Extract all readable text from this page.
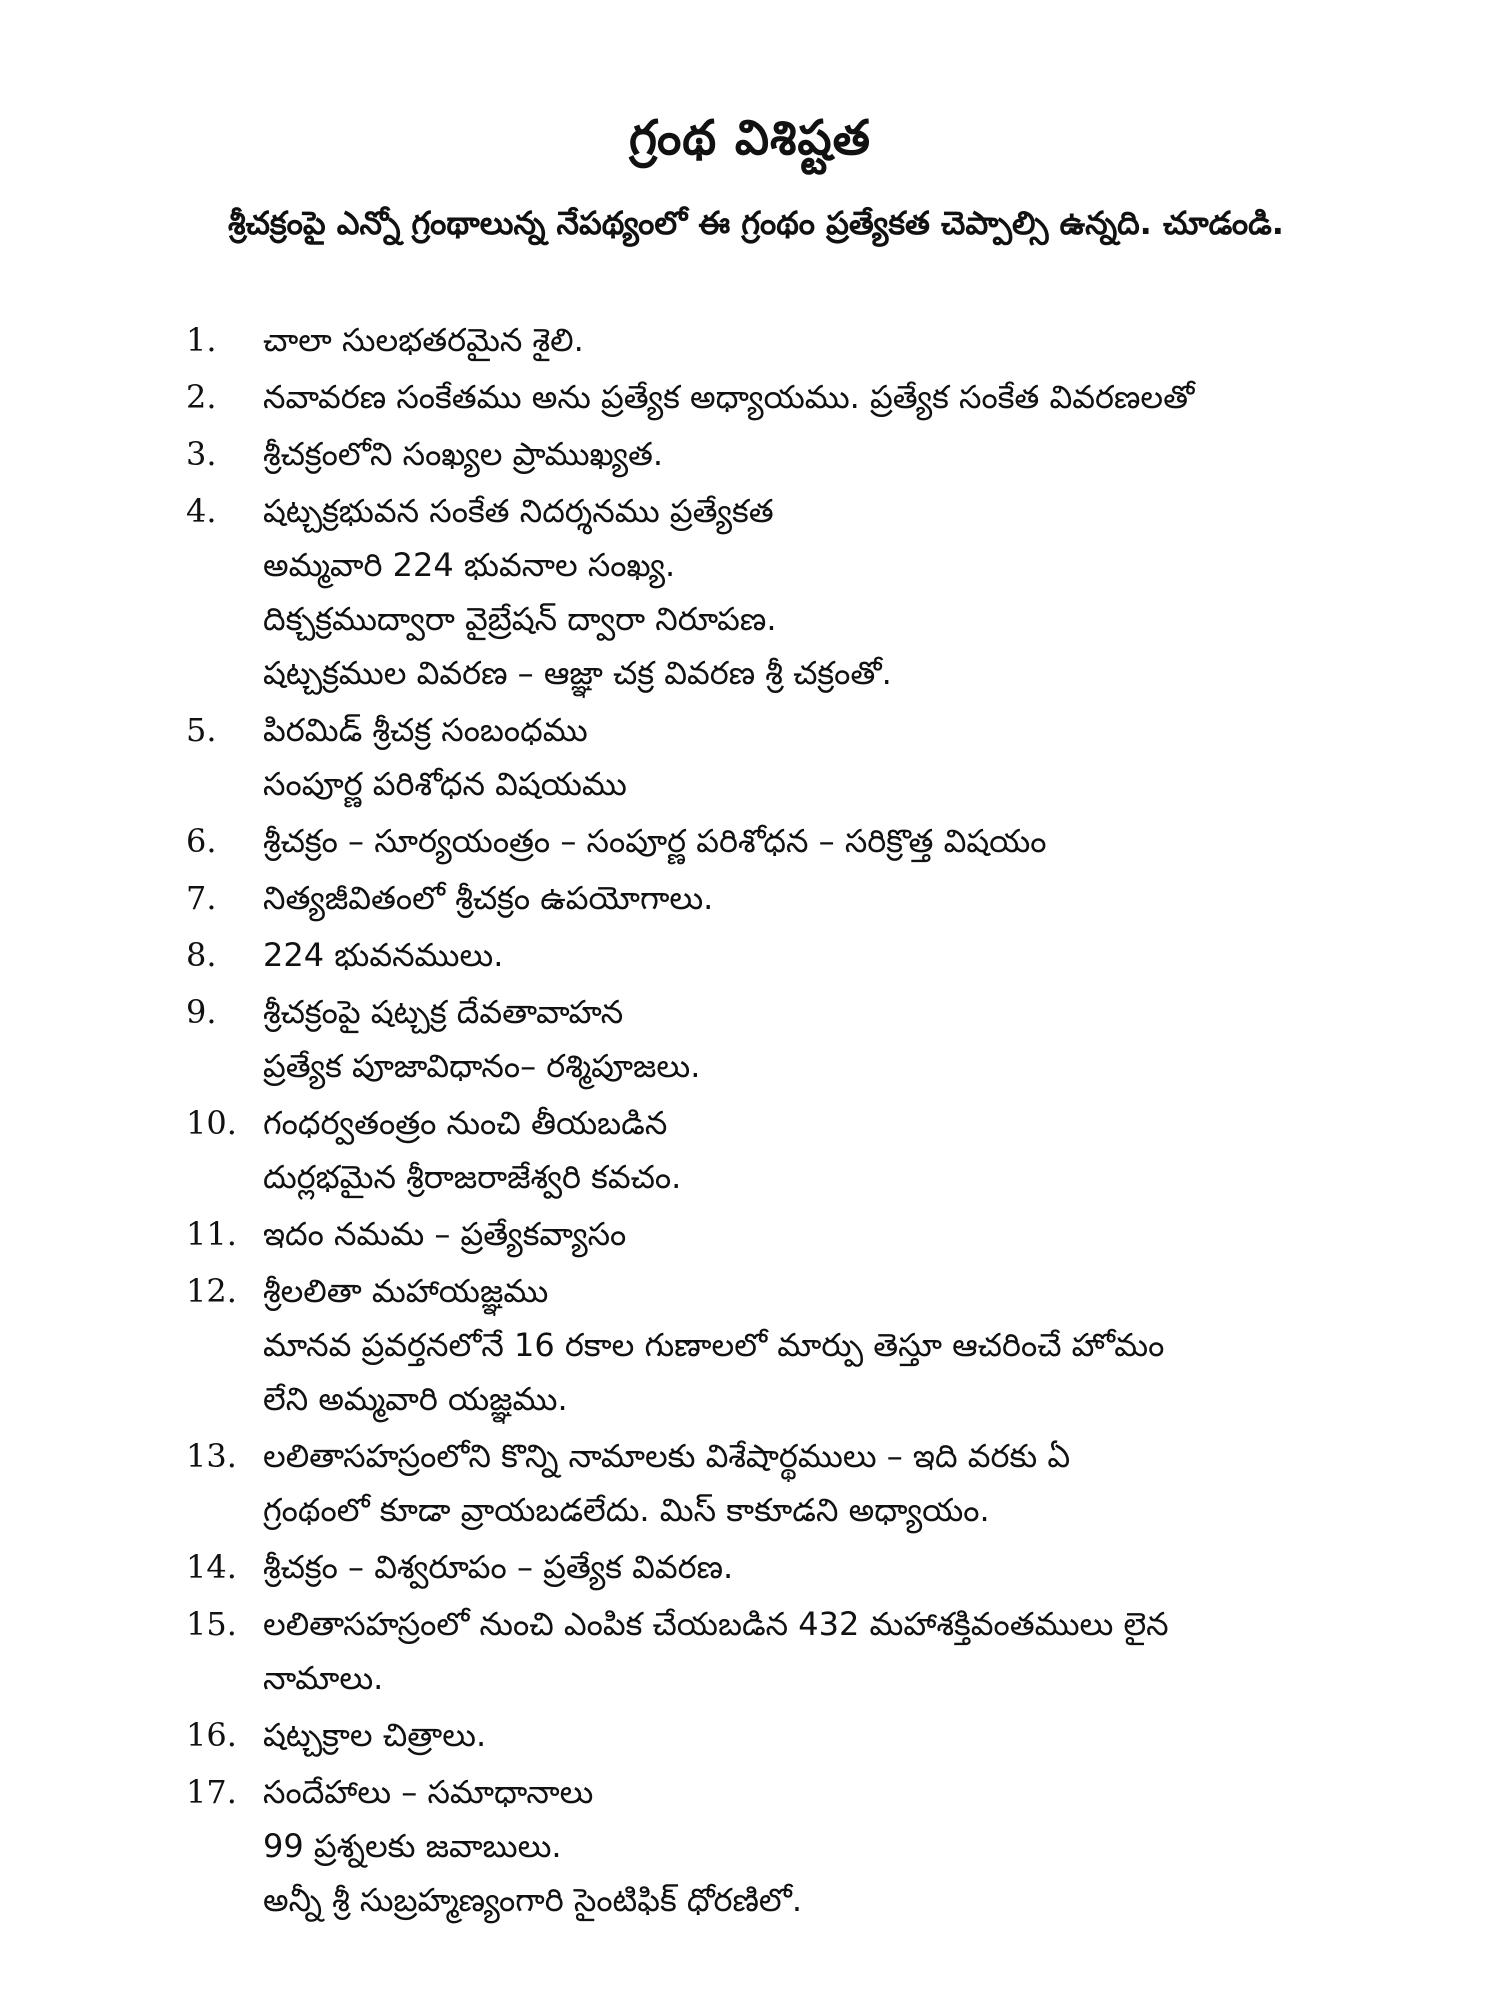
గ్రంథ విశిష్టత
శ్రీచక్రంపై ఎన్నో గ్రంథాలున్న నేపథ్యంలో ఈ గ్రంథం ప్రత్యేకత చెప్పాల్సి ఉన్నది. చూడండి.
1.	చాలా సులభతరమైన శైలి.
2.	నవావరణ సంకేతము అను ప్రత్యేక అధ్యాయము. ప్రత్యేక సంకేత వివరణలతో
3.	శ్రీచక్రంలోని సంఖ్యల ప్రాముఖ్యత.
4.	షట్చక్రభువన సంకేత నిదర్శనము ప్రత్యేకత
అమ్మవారి 224 భువనాల సంఖ్య.
దిక్చక్రముద్వారా వైబ్రేషన్ ద్వారా నిరూపణ.
షట్చక్రముల వివరణ – ఆజ్ఞా చక్ర వివరణ శ్రీ చక్రంతో.
5.	పిరమిడ్ శ్రీచక్ర సంబంధము
సంపూర్ణ పరిశోధన విషయము
6.	శ్రీచక్రం – సూర్యయంత్రం – సంపూర్ణ పరిశోధన – సరిక్రొత్త విషయం
7.	నిత్యజీవితంలో శ్రీచక్రం ఉపయోగాలు.
8.	224 భువనములు.
9.	శ్రీచక్రంపై షట్చక్ర దేవతావాహన
ప్రత్యేక పూజావిధానం– రశ్మిపూజలు.
10. గంధర్వతంత్రం నుంచి తీయబడిన
దుర్లభమైన శ్రీరాజరాజేశ్వరి కవచం.
11. ఇదం నమమ – ప్రత్యేకవ్యాసం
12. శ్రీలలితా మహాయజ్ఞము
మానవ ప్రవర్తనలోనే 16 రకాల గుణాలలో మార్పు తెస్తూ ఆచరించే హోమం
లేని అమ్మవారి యజ్ఞము.
13. లలితాసహస్రంలోని కొన్ని నామాలకు విశేషార్థములు – ఇది వరకు ఏ
గ్రంథంలో కూడా వ్రాయబడలేదు. మిస్ కాకూడని అధ్యాయం.
14. శ్రీచక్రం – విశ్వరూపం – ప్రత్యేక వివరణ.
15. లలితాసహస్రంలో నుంచి ఎంపిక చేయబడిన 432 మహాశక్తివంతములు లైన
నామాలు.
16. షట్చక్రాల చిత్రాలు.
17. సందేహాలు – సమాధానాలు
99 ప్రశ్నలకు జవాబులు.
అన్నీ శ్రీ సుబ్రహ్మణ్యంగారి సైంటిఫిక్ ధోరణిలో.
